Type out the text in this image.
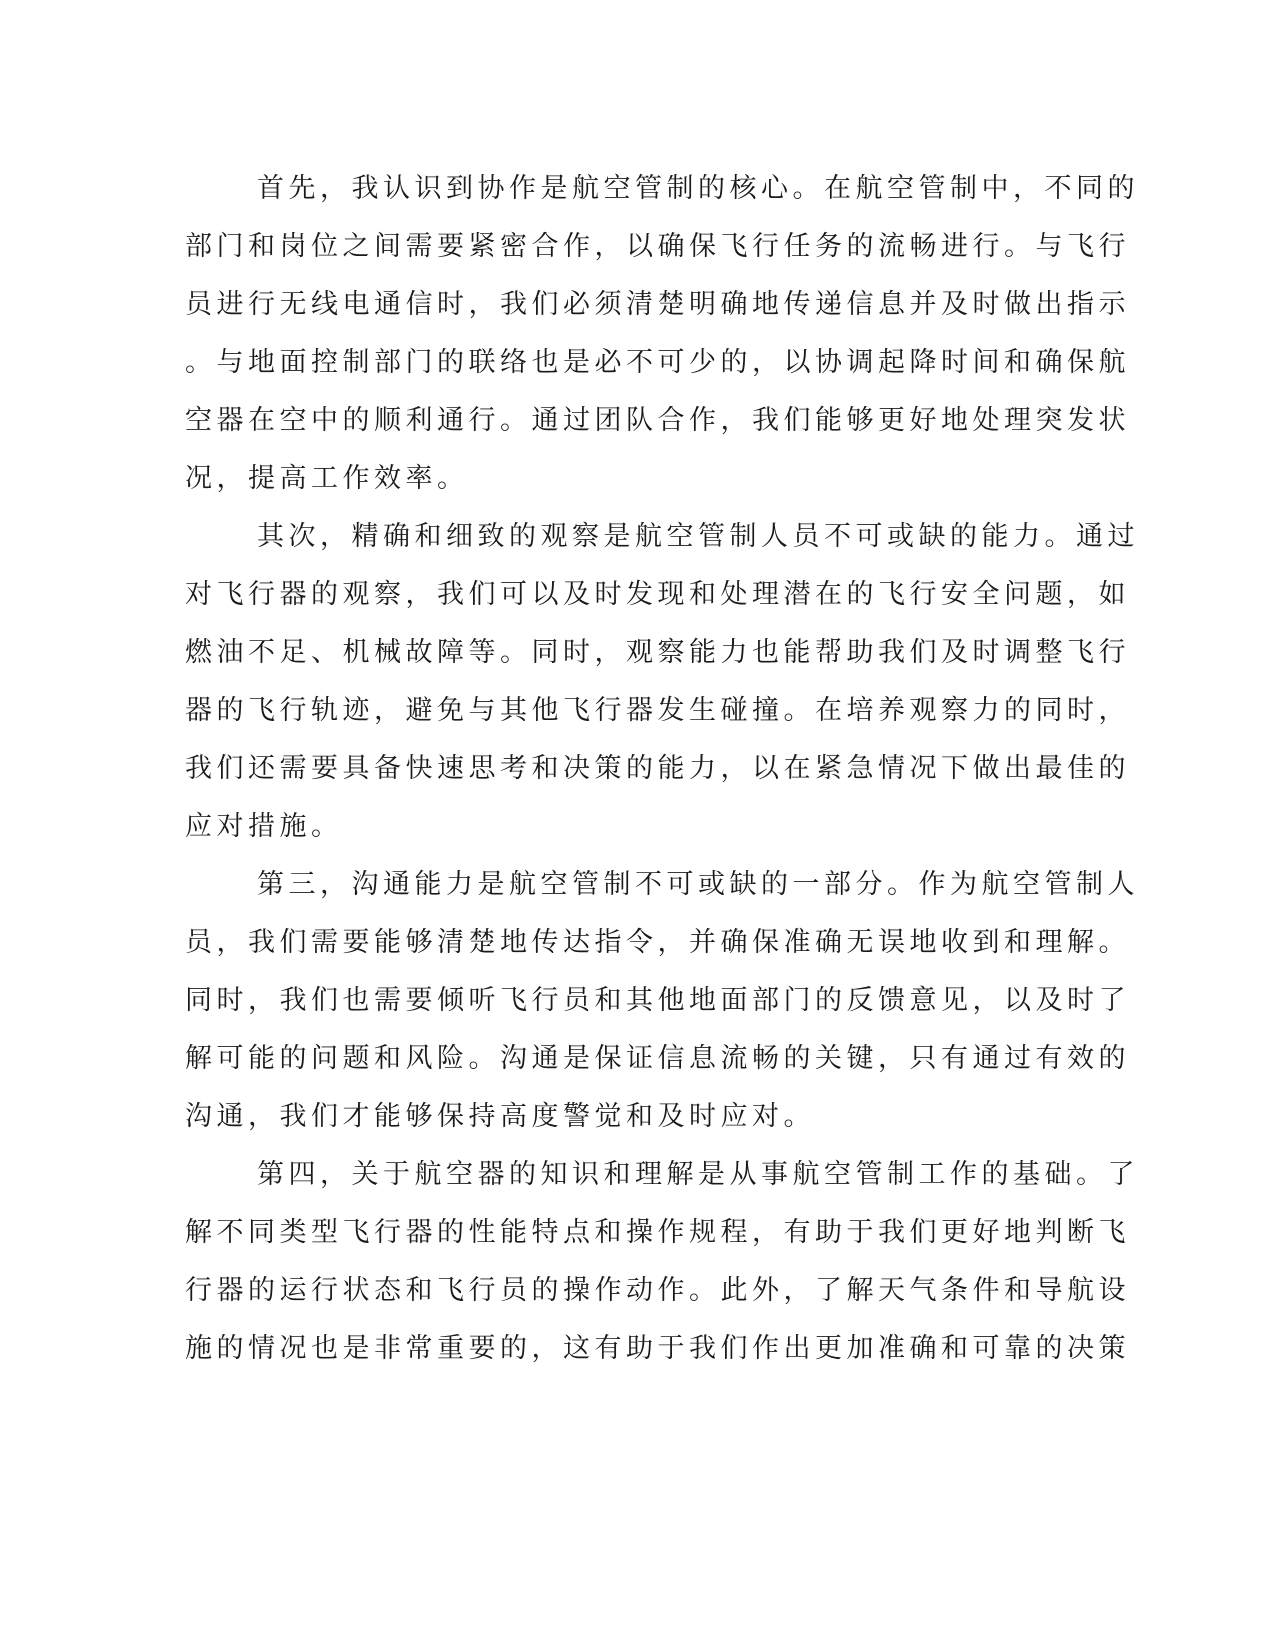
首先，我认识到协作是航空管制的核心。在航空管制中，不同的
部门和岗位之间需要紧密合作，以确保飞行任务的流畅进行。与飞行
员进行无线电通信时，我们必须清楚明确地传递信息并及时做出指示
。与地面控制部门的联络也是必不可少的，以协调起降时间和确保航
空器在空中的顺利通行。通过团队合作，我们能够更好地处理突发状
况，提高工作效率。
其次，精确和细致的观察是航空管制人员不可或缺的能力。通过
对飞行器的观察，我们可以及时发现和处理潜在的飞行安全问题，如
燃油不足、机械故障等。同时，观察能力也能帮助我们及时调整飞行
器的飞行轨迹，避免与其他飞行器发生碰撞。在培养观察力的同时，
我们还需要具备快速思考和决策的能力，以在紧急情况下做出最佳的
应对措施。
第三，沟通能力是航空管制不可或缺的一部分。作为航空管制人
员，我们需要能够清楚地传达指令，并确保准确无误地收到和理解。
同时，我们也需要倾听飞行员和其他地面部门的反馈意见，以及时了
解可能的问题和风险。沟通是保证信息流畅的关键，只有通过有效的
沟通，我们才能够保持高度警觉和及时应对。
第四，关于航空器的知识和理解是从事航空管制工作的基础。了
解不同类型飞行器的性能特点和操作规程，有助于我们更好地判断飞
行器的运行状态和飞行员的操作动作。此外，了解天气条件和导航设
施的情况也是非常重要的，这有助于我们作出更加准确和可靠的决策
